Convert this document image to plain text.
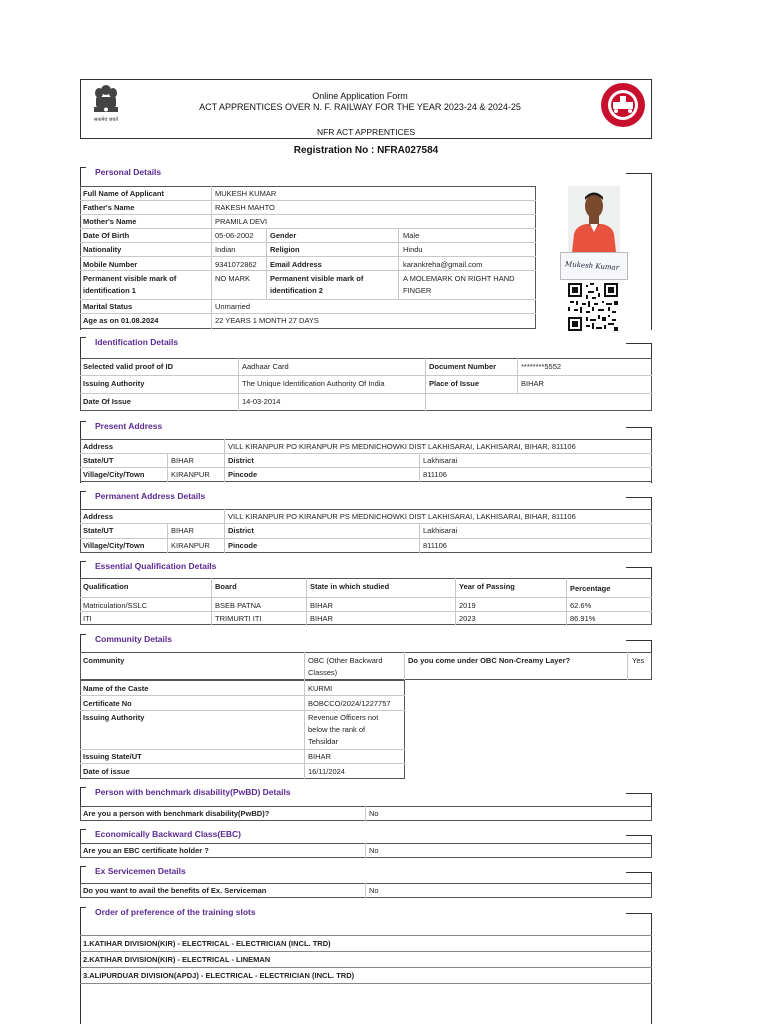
सत्यमेव जयते
Online Application Form
ACT APPRENTICES OVER N. F. RAILWAY FOR THE YEAR 2023-24 & 2024-25
NFR ACT APPRENTICES
Registration No : NFRA027584
Personal Details
Full Name of Applicant	MUKESH KUMAR
Father's Name	RAKESH MAHTO
Mother's Name	PRAMILA DEVI
Date Of Birth	05-06-2002 Gender	Male
Nationality	Indian	Religion	Hindu
Mobile Number	9341072862 Email Address	karankreha@gmail.com
Permanent visible mark of
identification 1
NO MARK	Permanent visible mark of
identification 2
A MOLEMARK ON RIGHT HAND
FINGER
Marital Status	Unmarried
Age as on 01.08.2024	22 YEARS 1 MONTH 27 DAYS
Mukesh Kumar
Identification Details
Selected valid proof of ID	Aadhaar Card	Document Number	********5552
Issuing Authority	The Unique Identification Authority Of India	Place of Issue	BIHAR
Date Of Issue	14-03-2014
Present Address
Address	VILL KIRANPUR PO KIRANPUR PS MEDNICHOWKI DIST LAKHISARAI, LAKHISARAI, BIHAR, 811106
State/UT	BIHAR	District	Lakhisarai
Village/City/Town	KIRANPUR Pincode	811106
Permanent Address Details
Address	VILL KIRANPUR PO KIRANPUR PS MEDNICHOWKI DIST LAKHISARAI, LAKHISARAI, BIHAR, 811106
State/UT	BIHAR	District	Lakhisarai
Village/City/Town	KIRANPUR Pincode	811106
Essential Qualification Details
Qualification	Board	State in which studied	Year of Passing	Percentage
Matriculation/SSLC	BSEB PATNA	BIHAR	2019	62.6%
ITI	TRIMURTI ITI	BIHAR	2023	86.91%
Community Details
Community	OBC (Other Backward
Classes)
Do you come under OBC Non-Creamy Layer?	Yes
Name of the Caste	KURMI
Certificate No	BOBCCO/2024/1227757
Issuing Authority	Revenue Officers not
below the rank of
Tehsildar
Issuing State/UT	BIHAR
Date of issue	16/11/2024
Person with benchmark disability(PwBD) Details
Are you a person with benchmark disability(PwBD)?	No
Economically Backward Class(EBC)
Are you an EBC certificate holder ?	No
Ex Servicemen Details
Do you want to avail the benefits of Ex. Serviceman	No
Order of preference of the training slots
1.KATIHAR DIVISION(KIR) - ELECTRICAL - ELECTRICIAN (INCL. TRD)
2.KATIHAR DIVISION(KIR) - ELECTRICAL - LINEMAN
3.ALIPURDUAR DIVISION(APDJ) - ELECTRICAL - ELECTRICIAN (INCL. TRD)
